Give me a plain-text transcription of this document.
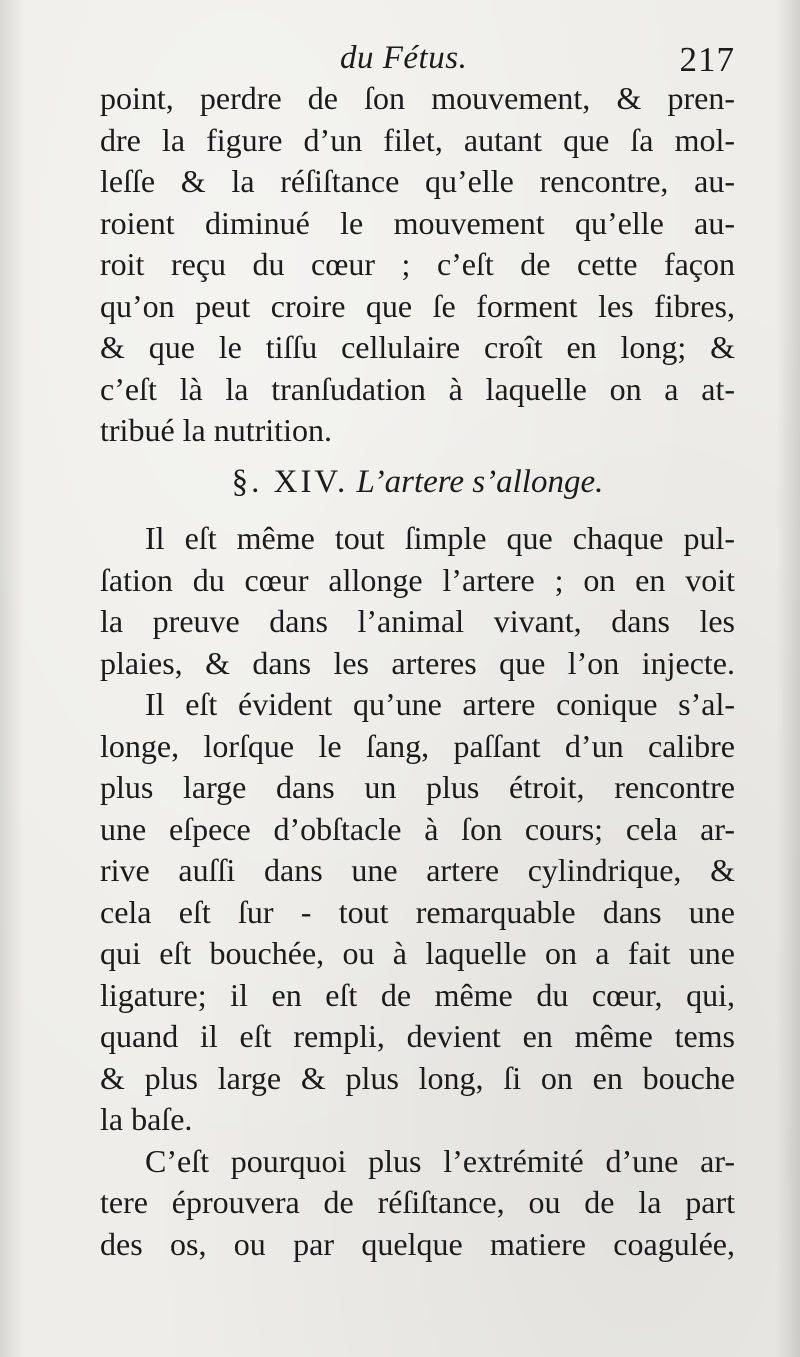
du Fétus.	217
point, perdre de ſon mouvement, & pren-
dre la figure d’un filet, autant que ſa mol-
leſſe & la réſiſtance qu’elle rencontre, au-
roient diminué le mouvement qu’elle au-
roit reçu du cœur ; c’eſt de cette façon
qu’on peut croire que ſe forment les fibres,
& que le tiſſu cellulaire croît en long; &
c’eſt là la tranſudation à laquelle on a at-
tribué la nutrition.
§. XIV. L’artere s’allonge.
Il eſt même tout ſimple que chaque pul-
ſation du cœur allonge l’artere ; on en voit
la preuve dans l’animal vivant, dans les
plaies, & dans les arteres que l’on injecte.
Il eſt évident qu’une artere conique s’al-
longe, lorſque le ſang, paſſant d’un calibre
plus large dans un plus étroit, rencontre
une eſpece d’obſtacle à ſon cours; cela ar-
rive auſſi dans une artere cylindrique, &
cela eſt ſur - tout remarquable dans une
qui eſt bouchée, ou à laquelle on a fait une
ligature; il en eſt de même du cœur, qui,
quand il eſt rempli, devient en même tems
& plus large & plus long, ſi on en bouche
la baſe.
C’eſt pourquoi plus l’extrémité d’une ar-
tere éprouvera de réſiſtance, ou de la part
des os, ou par quelque matiere coagulée,
